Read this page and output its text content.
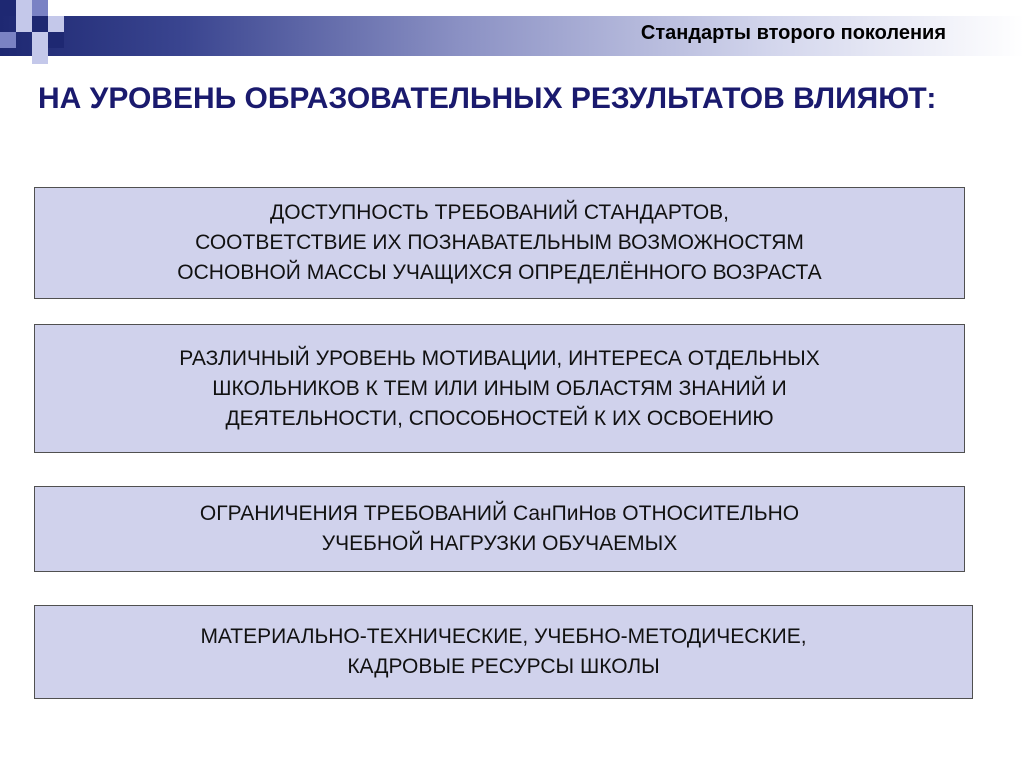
Стандарты второго поколения
НА УРОВЕНЬ ОБРАЗОВАТЕЛЬНЫХ РЕЗУЛЬТАТОВ ВЛИЯЮТ:
ДОСТУПНОСТЬ ТРЕБОВАНИЙ СТАНДАРТОВ,
СООТВЕТСТВИЕ ИХ ПОЗНАВАТЕЛЬНЫМ ВОЗМОЖНОСТЯМ
ОСНОВНОЙ МАССЫ УЧАЩИХСЯ ОПРЕДЕЛЁННОГО ВОЗРАСТА
РАЗЛИЧНЫЙ УРОВЕНЬ МОТИВАЦИИ, ИНТЕРЕСА ОТДЕЛЬНЫХ
ШКОЛЬНИКОВ К ТЕМ ИЛИ ИНЫМ ОБЛАСТЯМ ЗНАНИЙ И
ДЕЯТЕЛЬНОСТИ, СПОСОБНОСТЕЙ К ИХ ОСВОЕНИЮ
ОГРАНИЧЕНИЯ ТРЕБОВАНИЙ СанПиНов ОТНОСИТЕЛЬНО
УЧЕБНОЙ НАГРУЗКИ ОБУЧАЕМЫХ
МАТЕРИАЛЬНО-ТЕХНИЧЕСКИЕ, УЧЕБНО-МЕТОДИЧЕСКИЕ,
КАДРОВЫЕ РЕСУРСЫ ШКОЛЫ
